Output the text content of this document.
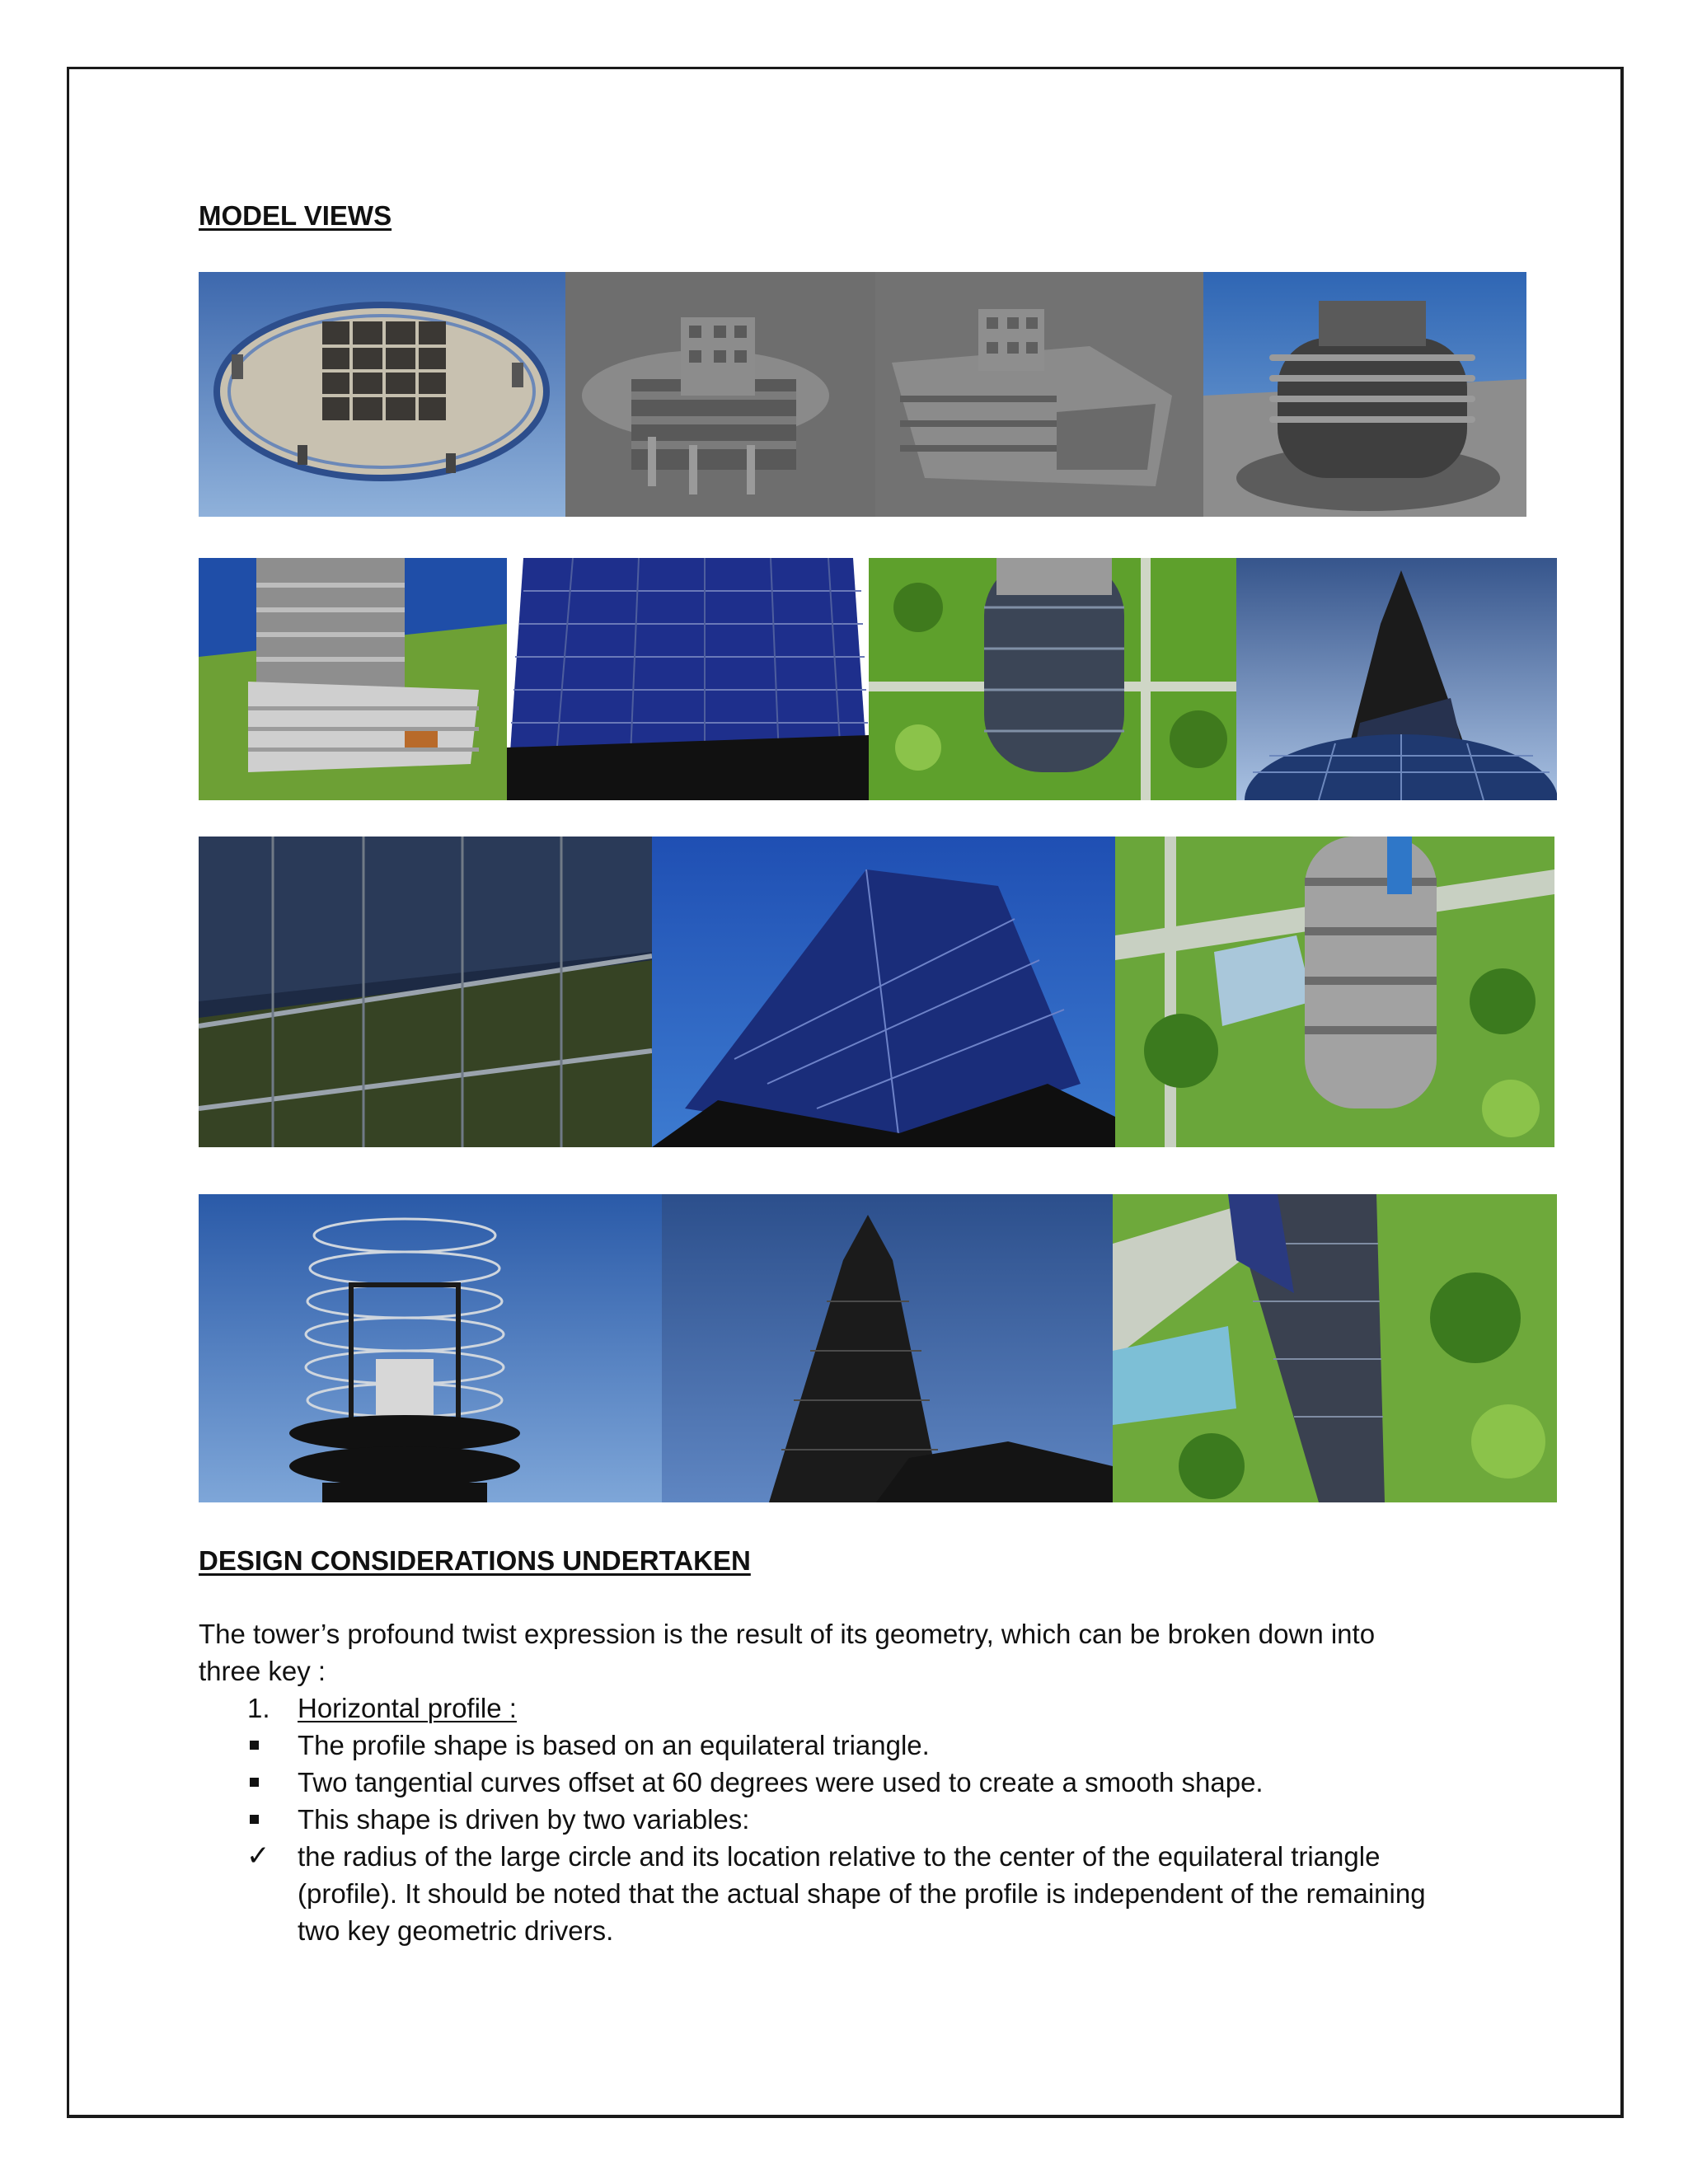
MODEL VIEWS
DESIGN CONSIDERATIONS UNDERTAKEN
The tower’s profound twist expression is the result of its geometry, which can be broken down into
three key :
1. Horizontal profile :
The profile shape is based on an equilateral triangle.
Two tangential curves offset at 60 degrees were used to create a smooth shape.
This shape is driven by two variables:
✓ the radius of the large circle and its location relative to the center of the equilateral triangle
(profile). It should be noted that the actual shape of the profile is independent of the remaining
two key geometric drivers.
